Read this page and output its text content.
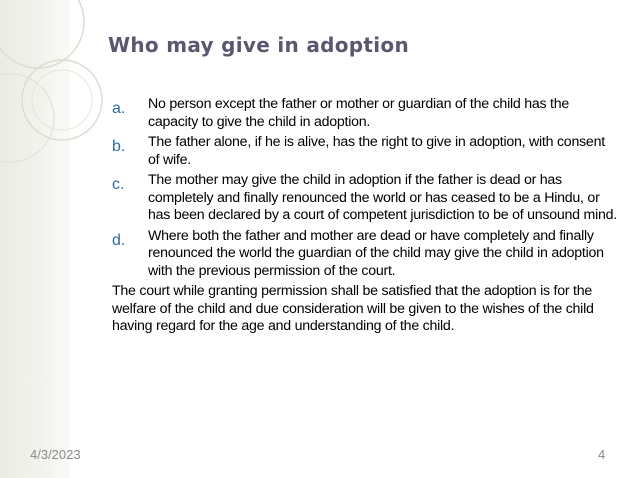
Who may give in adoption
a. No person except the father or mother or guardian of the child has the capacity to give the child in adoption.
b. The father alone, if he is alive, has the right to give in adoption, with consent of wife.
c. The mother may give the child in adoption if the father is dead or has completely and finally renounced the world or has ceased to be a Hindu, or has been declared by a court of competent jurisdiction to be of unsound mind.
d. Where both the father and mother are dead or have completely and finally renounced the world the guardian of the child may give the child in adoption with the previous permission of the court.
The court while granting permission shall be satisfied that the adoption is for the welfare of the child and due consideration will be given to the wishes of the child having regard for the age and understanding of the child.
4/3/2023	4
